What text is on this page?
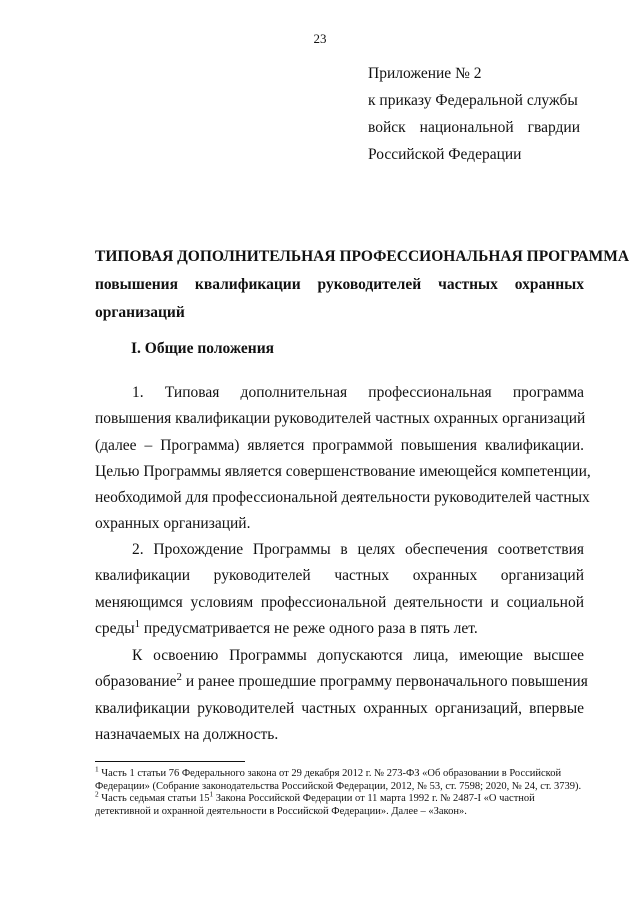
23
Приложение № 2
к приказу Федеральной службы
войск национальной гвардии
Российской Федерации
ТИПОВАЯ ДОПОЛНИТЕЛЬНАЯ ПРОФЕССИОНАЛЬНАЯ ПРОГРАММА
повышения квалификации руководителей частных охранных
организаций
I. Общие положения
1. Типовая дополнительная профессиональная программа
повышения квалификации руководителей частных охранных организаций
(далее – Программа) является программой повышения квалификации.
Целью Программы является совершенствование имеющейся компетенции,
необходимой для профессиональной деятельности руководителей частных
охранных организаций.
2. Прохождение Программы в целях обеспечения соответствия
квалификации руководителей частных охранных организаций
меняющимся условиям профессиональной деятельности и социальной
среды$^1$ предусматривается не реже одного раза в пять лет.
К освоению Программы допускаются лица, имеющие высшее
образование$^2$ и ранее прошедшие программу первоначального повышения
квалификации руководителей частных охранных организаций, впервые
назначаемых на должность.

$^1$ Часть 1 статьи 76 Федерального закона от 29 декабря 2012 г. № 273-ФЗ «Об образовании в Российской Федерации» (Собрание законодательства Российской Федерации, 2012, № 53, ст. 7598; 2020, № 24, ст. 3739).

$^2$ Часть седьмая статьи $15^1$ Закона Российской Федерации от 11 марта 1992 г. № 2487-I «О частной детективной и охранной деятельности в Российской Федерации». Далее – «Закон».
